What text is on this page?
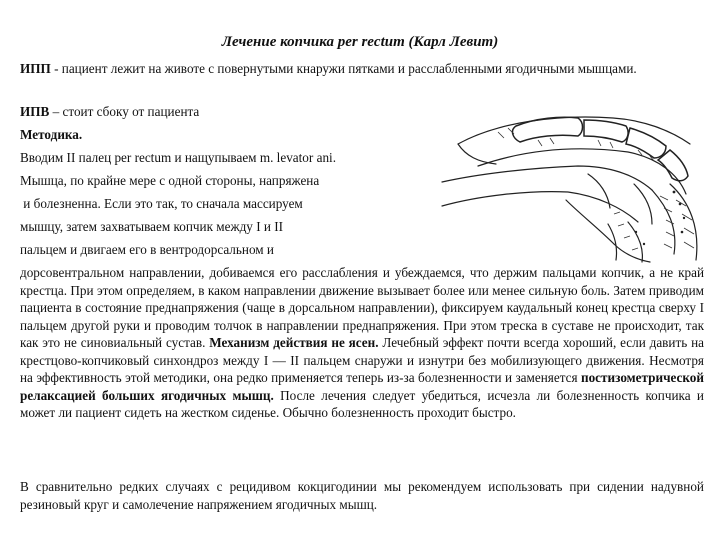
Лечение копчика per rectum (Карл Левит)

ИПП - пациент лежит на животе с повернутыми кнаружи пятками и расслабленными ягодичными мышцами.

ИПВ – стоит сбоку от пациента

Методика.

Вводим II палец per rectum и нащупываем m. levator ani.

Мышца, по крайне мере с одной стороны, напряжена

и болезненна. Если это так, то сначала массируем

мышцу, затем захватываем копчик между I и II

пальцем и двигаем его в вентродорсальном и

дорсовентральном направлении, добиваемся его расслабления и убеждаемся, что держим пальцами копчик, а не край крестца. При этом определяем, в каком направлении движение вызывает более или менее сильную боль. Затем приводим пациента в состояние преднапряжения (чаще в дорсальном направлении), фиксируем каудальный конец крестца сверху I пальцем другой руки и проводим толчок в направлении преднапряжения. При этом треска в суставе не происходит, так как это не синовиальный сустав. Механизм действия не ясен. Лечебный эффект почти всегда хороший, если давить на крестцово-копчиковый синхондроз между I — II пальцем снаружи и изнутри без мобилизующего движения. Несмотря на эффективность этой методики, она редко применяется теперь из-за болезненности и заменяется постизометрической релаксацией больших ягодичных мышц. После лечения следует убедиться, исчезла ли болезненность копчика и может ли пациент сидеть на жестком сиденье. Обычно болезненность проходит быстро.

В сравнительно редких случаях с рецидивом кокцигодинии мы рекомендуем использовать при сидении надувной резиновый круг и самолечение напряжением ягодичных мышц.
